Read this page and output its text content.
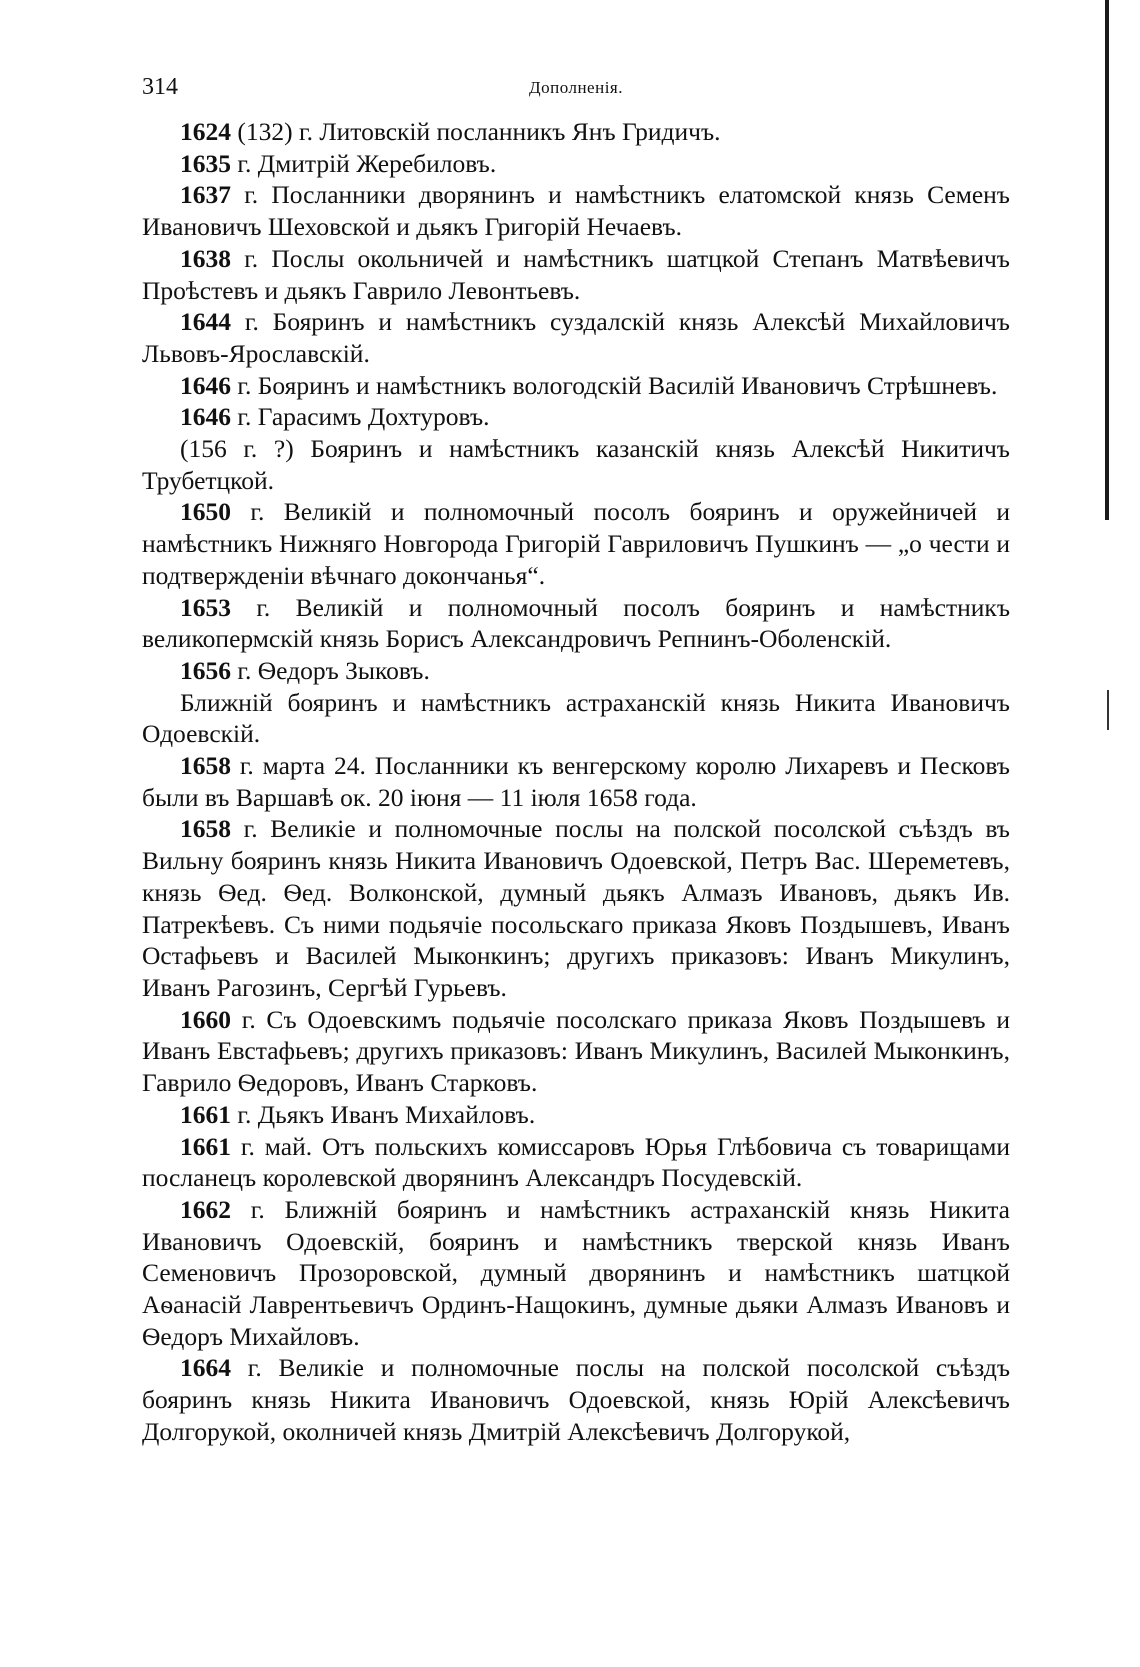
314	Дополненія.

1624 (132) г. Литовскій посланникъ Янъ Гридичъ.

1635 г. Дмитрій Жеребиловъ.

1637 г. Посланники дворянинъ и намѣстникъ елатомской князь Семенъ Ивановичъ Шеховской и дьякъ Григорій Нечаевъ.

1638 г. Послы окольничей и намѣстникъ шатцкой Степанъ Матвѣевичъ Проѣстевъ и дьякъ Гаврило Левонтьевъ.

1644 г. Бояринъ и намѣстникъ суздалскій князь Алексѣй Михайловичъ Львовъ-Ярославскій.

1646 г. Бояринъ и намѣстникъ вологодскій Василій Ивановичъ Стрѣшневъ.

1646 г. Гарасимъ Дохтуровъ.

(156 г. ?) Бояринъ и намѣстникъ казанскій князь Алексѣй Никитичъ Трубетцкой.

1650 г. Великій и полномочный посолъ бояринъ и оружейничей и намѣстникъ Нижняго Новгорода Григорій Гавриловичъ Пушкинъ — „о чести и подтвержденіи вѣчнаго докончанья“.

1653 г. Великій и полномочный посолъ бояринъ и намѣстникъ великопермскій князь Борисъ Александровичъ Репнинъ-Оболенскій.

1656 г. Ѳедоръ Зыковъ.

Ближній бояринъ и намѣстникъ астраханскій князь Никита Ивановичъ Одоевскій.

1658 г. марта 24. Посланники къ венгерскому королю Лихаревъ и Песковъ были въ Варшавѣ ок. 20 іюня — 11 іюля 1658 года.

1658 г. Великіе и полномочные послы на полской посолской съѣздъ въ Вильну бояринъ князь Никита Ивановичъ Одоевской, Петръ Вас. Шереметевъ, князь Ѳед. Ѳед. Волконской, думный дьякъ Алмазъ Ивановъ, дьякъ Ив. Патрекѣевъ. Съ ними подьячіе посольскаго приказа Яковъ Поздышевъ, Иванъ Остафьевъ и Василей Мыконкинъ; другихъ приказовъ: Иванъ Микулинъ, Иванъ Рагозинъ, Сергѣй Гурьевъ.

1660 г. Съ Одоевскимъ подьячіе посолскаго приказа Яковъ Поздышевъ и Иванъ Евстафьевъ; другихъ приказовъ: Иванъ Микулинъ, Василей Мыконкинъ, Гаврило Ѳедоровъ, Иванъ Старковъ.

1661 г. Дьякъ Иванъ Михайловъ.

1661 г. май. Отъ польскихъ комиссаровъ Юрья Глѣбовича съ товарищами посланецъ королевской дворянинъ Александръ Посудевскій.

1662 г. Ближній бояринъ и намѣстникъ астраханскій князь Никита Ивановичъ Одоевскій, бояринъ и намѣстникъ тверской князь Иванъ Семеновичъ Прозоровской, думный дворянинъ и намѣстникъ шатцкой Аѳанасій Лаврентьевичъ Ординъ-Нащокинъ, думные дьяки Алмазъ Ивановъ и Ѳедоръ Михайловъ.

1664 г. Великіе и полномочные послы на полской посолской съѣздъ бояринъ князь Никита Ивановичъ Одоевской, князь Юрій Алексѣевичъ Долгорукой, околничей князь Дмитрій Алексѣевичъ Долгорукой,
